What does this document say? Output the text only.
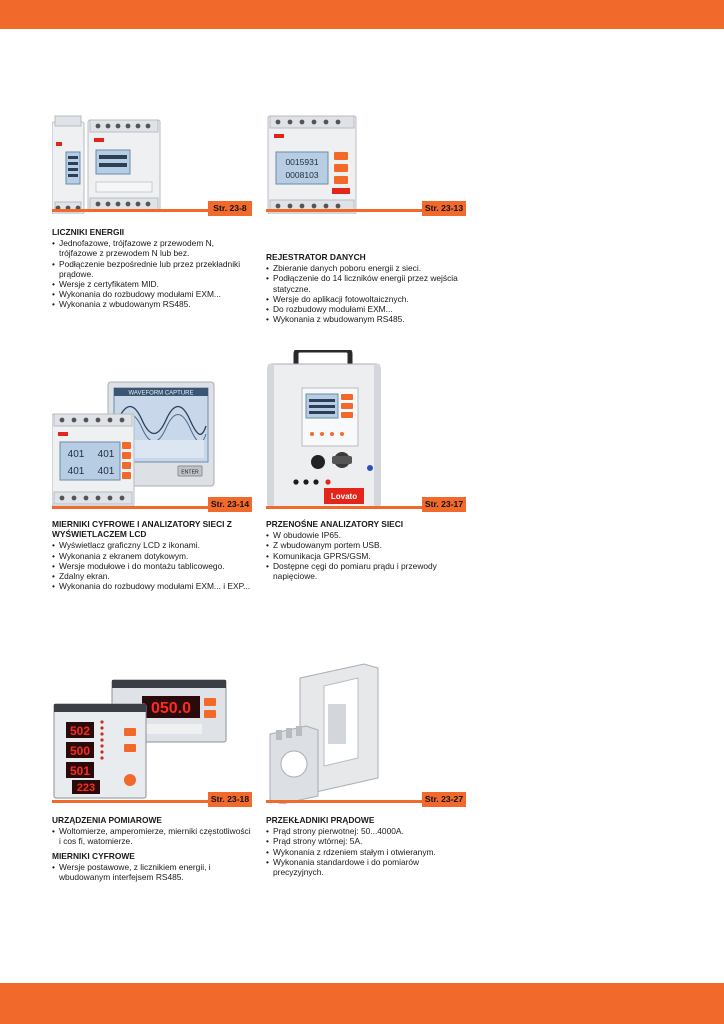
Str. 23-8
LICZNIKI ENERGII
• Jednofazowe, trójfazowe z przewodem N, trójfazowe z przewodem N lub bez.
• Podłączenie bezpośrednie lub przez przekładniki prądowe.
• Wersje z certyfikatem MID.
• Wykonania do rozbudowy modułami EXM...
• Wykonania z wbudowanym RS485.
0015931
0008103
Str. 23-13
REJESTRATOR DANYCH
• Zbieranie danych poboru energii z sieci.
• Podłączenie do 14 liczników energii przez wejścia statyczne.
• Wersje do aplikacji fotowoltaicznych.
• Do rozbudowy modułami EXM...
• Wykonania z wbudowanym RS485.
WAVEFORM CAPTURE
ENTER
401 401
401 401
Str. 23-14
MIERNIKI CYFROWE I ANALIZATORY SIECI Z WYŚWIETLACZEM LCD
• Wyświetlacz graficzny LCD z ikonami.
• Wykonania z ekranem dotykowym.
• Wersje modułowe i do montażu tablicowego.
• Zdalny ekran.
• Wykonania do rozbudowy modułami EXM... i EXP...
Lovato
Str. 23-17
PRZENOŚNE ANALIZATORY SIECI
• W obudowie IP65.
• Z wbudowanym portem USB.
• Komunikacja GPRS/GSM.
• Dostępne cęgi do pomiaru prądu i przewody napięciowe.
050.0
502
500
501
223
Str. 23-18
URZĄDZENIA POMIAROWE
• Woltomierze, amperomierze, mierniki częstotliwości i cos fi, watomierze.
MIERNIKI CYFROWE
• Wersje postawowe, z licznikiem energii, i wbudowanym interfejsem RS485.
Str. 23-27
PRZEKŁADNIKI PRĄDOWE
• Prąd strony pierwotnej: 50...4000A.
• Prąd strony wtórnej: 5A.
• Wykonania z rdzeniem stałym i otwieranym.
• Wykonania standardowe i do pomiarów precyzyjnych.
